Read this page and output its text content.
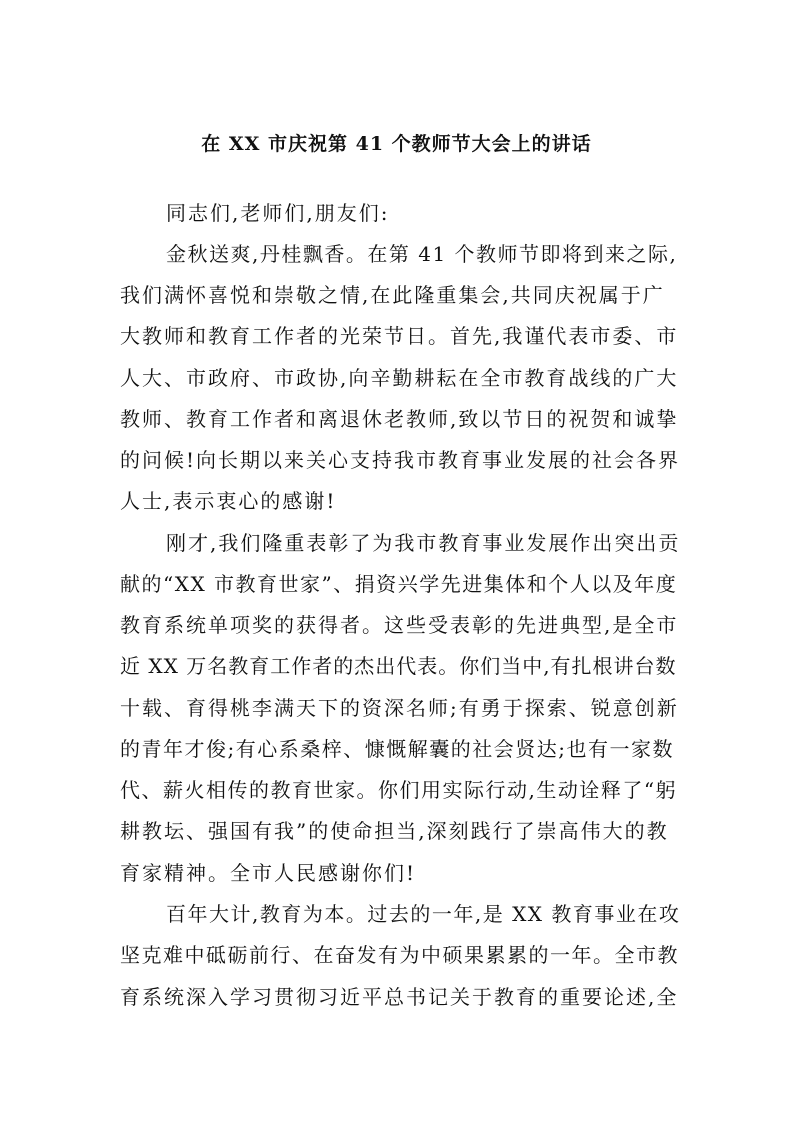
在 XX 市庆祝第 41 个教师节大会上的讲话
同志们,老师们,朋友们:
金秋送爽,丹桂飘香。在第 41 个教师节即将到来之际,
我们满怀喜悦和崇敬之情,在此隆重集会,共同庆祝属于广
大教师和教育工作者的光荣节日。首先,我谨代表市委、市
人大、市政府、市政协,向辛勤耕耘在全市教育战线的广大
教师、教育工作者和离退休老教师,致以节日的祝贺和诚挚
的问候!向长期以来关心支持我市教育事业发展的社会各界
人士,表示衷心的感谢!
刚才,我们隆重表彰了为我市教育事业发展作出突出贡
献的“XX 市教育世家”、捐资兴学先进集体和个人以及年度
教育系统单项奖的获得者。这些受表彰的先进典型,是全市
近 XX 万名教育工作者的杰出代表。你们当中,有扎根讲台数
十载、育得桃李满天下的资深名师;有勇于探索、锐意创新
的青年才俊;有心系桑梓、慷慨解囊的社会贤达;也有一家数
代、薪火相传的教育世家。你们用实际行动,生动诠释了“躬
耕教坛、强国有我”的使命担当,深刻践行了崇高伟大的教
育家精神。全市人民感谢你们!
百年大计,教育为本。过去的一年,是 XX 教育事业在攻
坚克难中砥砺前行、在奋发有为中硕果累累的一年。全市教
育系统深入学习贯彻习近平总书记关于教育的重要论述,全
